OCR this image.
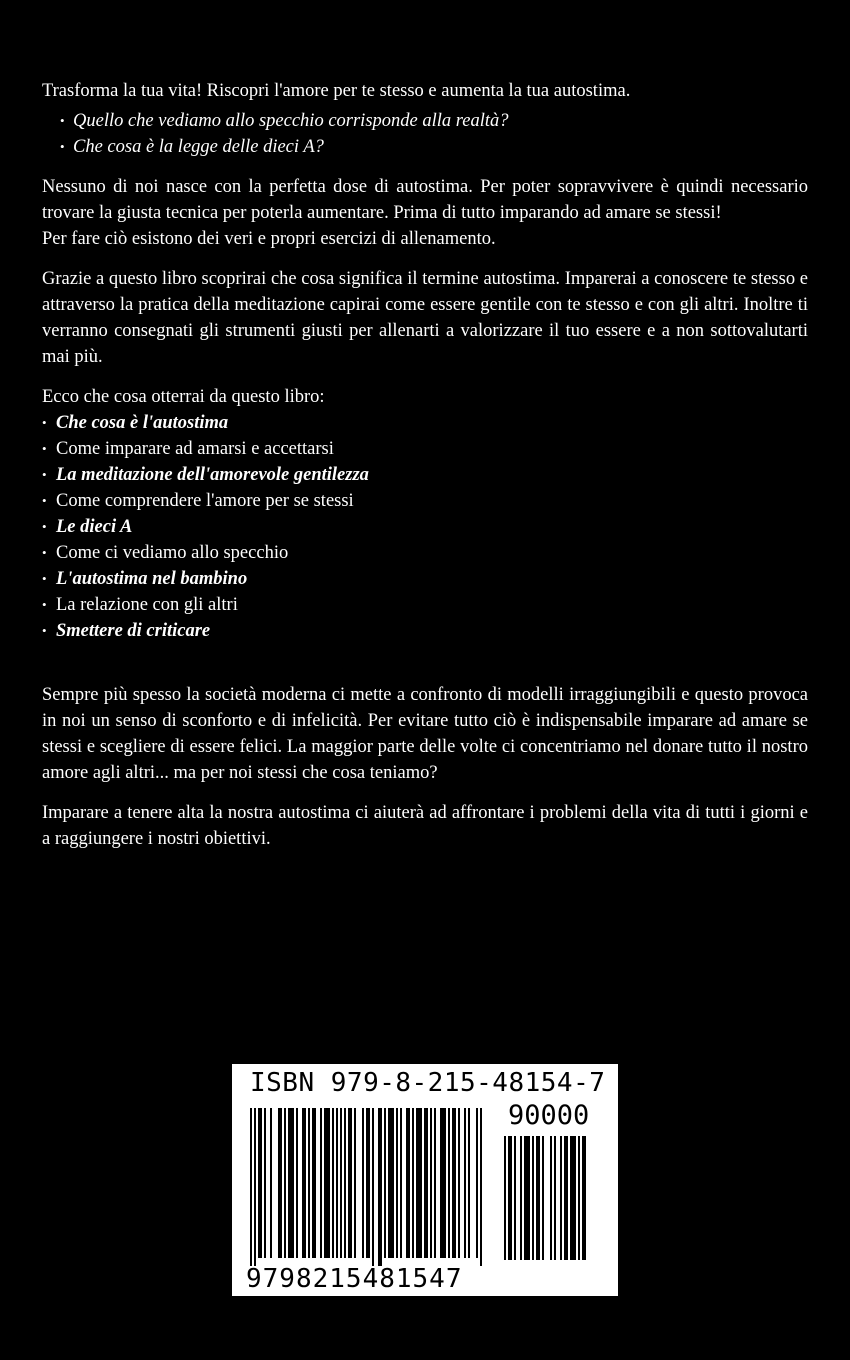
Trasforma la tua vita! Riscopri l'amore per te stesso e aumenta la tua autostima.

• Quello che vediamo allo specchio corrisponde alla realtà?
• Che cosa è la legge delle dieci A?

Nessuno di noi nasce con la perfetta dose di autostima. Per poter sopravvivere è quindi necessario trovare la giusta tecnica per poterla aumentare. Prima di tutto imparando ad amare se stessi!

Per fare ciò esistono dei veri e propri esercizi di allenamento.

Grazie a questo libro scoprirai che cosa significa il termine autostima. Imparerai a conoscere te stesso e attraverso la pratica della meditazione capirai come essere gentile con te stesso e con gli altri. Inoltre ti verranno consegnati gli strumenti giusti per allenarti a valorizzare il tuo essere e a non sottovalutarti mai più.

Ecco che cosa otterrai da questo libro:

• Che cosa è l'autostima
• Come imparare ad amarsi e accettarsi
• La meditazione dell'amorevole gentilezza
• Come comprendere l'amore per se stessi
• Le dieci A
• Come ci vediamo allo specchio
• L'autostima nel bambino
• La relazione con gli altri
• Smettere di criticare

Sempre più spesso la società moderna ci mette a confronto di modelli irraggiungibili e questo provoca in noi un senso di sconforto e di infelicità. Per evitare tutto ciò è indispensabile imparare ad amare se stessi e scegliere di essere felici. La maggior parte delle volte ci concentriamo nel donare tutto il nostro amore agli altri... ma per noi stessi che cosa teniamo?

Imparare a tenere alta la nostra autostima ci aiuterà ad affrontare i problemi della vita di tutti i giorni e a raggiungere i nostri obiettivi.

ISBN 979-8-215-48154-7
90000
9798215481547
